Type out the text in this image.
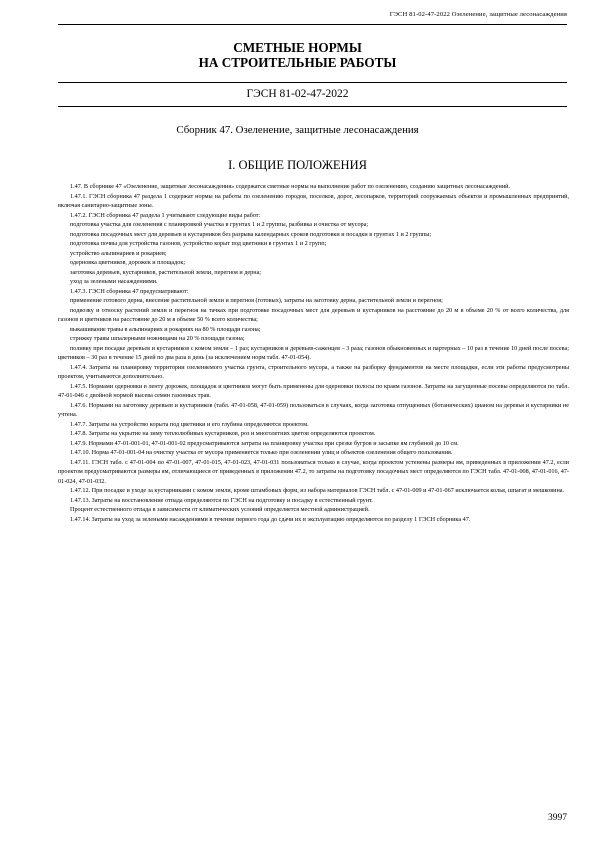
ГЭСН 81-02-47-2022 Озеленение, защитные лесонасаждения
СМЕТНЫЕ НОРМЫ
НА СТРОИТЕЛЬНЫЕ РАБОТЫ
ГЭСН 81-02-47-2022
Сборник 47. Озеленение, защитные лесонасаждения
I. ОБЩИЕ ПОЛОЖЕНИЯ

1.47. В сборнике 47 «Озеленение, защитные лесонасаждения» содержатся сметные нормы на выполнение работ по озеленению, созданию защитных лесонасаждений.

1.47.1. ГЭСН сборника 47 раздела 1 содержат нормы на работы по озеленению городов, поселков, дорог, лесопарков, территорий сооружаемых объектов и промышленных предприятий, включая санитарно-защитные зоны.

1.47.2. ГЭСН сборника 47 раздела 1 учитывают следующие виды работ:

подготовка участка для озеленения с планировкой участка в грунтах 1 и 2 группы, разбивка и очистка от мусора;

подготовка посадочных мест для деревьев и кустарников без разрыва календарных сроков подготовки и посадки в грунтах 1 и 2 группы;

подготовка почвы для устройства газонов, устройство корыт под цветники в грунтах 1 и 2 групп;

устройство альпинариев и рокариев;

одерновка цветников, дорожек и площадок;

заготовка деревьев, кустарников, растительной земли, перегноя и дерна;

уход за зелеными насаждениями.

1.47.3. ГЭСН сборника 47 предусматривают:

применение готового дерна, внесение растительной земли и перегноя (готовых), затраты на заготовку дерна, растительной земли и перегноя;

подвозку и относку растений земли и перегноя на тачках при подготовке посадочных мест для деревьев и кустарников на расстояние до 20 м в объеме 20 % от всего количества, для газонов и цветников на расстояние до 20 м в объеме 50 % всего количества;

выкашивание травы в альпинариях и рокариях на 80 % площади газона;

стрижку травы шпалерными ножницами на 20 % площади газона;

поливку при посадке деревьев и кустарников с комом земли – 1 раз; кустарников и деревьев-саженцев – 3 раза; газонов обыкновенных и партерных – 10 раз в течение 10 дней после посева; цветников – 30 раз в течение 15 дней по два раза в день (за исключением норм табл. 47-01-054).

1.47.4. Затраты на планировку территории озеленяемого участка грунта, строительного мусора, а также на разборку фундаментов на месте площадки, если эти работы предусмотрены проектом, учитываются дополнительно.

1.47.5. Нормами одерновки в ленту дорожек, площадок и цветников могут быть применены для одерновки полосы по краям газонов. Затраты на загущенные посевы определяются по табл. 47-01-046 с двойной нормой высева семян газонных трав.

1.47.6. Нормами на заготовку деревьев и кустарников (табл. 47-01-058, 47-01-059) пользоваться в случаях, когда заготовка отпущенных (ботанических) цианом на деревья и кустарники не учтена.

1.47.7. Затраты на устройство корыта под цветники и его глубина определяются проектом.

1.47.8. Затраты на укрытие на зиму теплолюбивых кустарников, роз и многолетних цветов определяются проектом.

1.47.9. Нормами 47-01-001-01, 47-01-001-02 предусматриваются затраты на планировку участка при срезке бугров и засыпке ям глубиной до 10 см.

1.47.10. Норма 47-01-001-04 на очистку участка от мусора применяется только при озеленении улиц и объектов озеленения общего пользования.

1.47.11. ГЭСН табл. с 47-01-004 по 47-01-007, 47-01-015, 47-01-023, 47-01-031 пользоваться только в случае, когда проектом уcтенены размеры ям, приведенных в приложении 47.2, если проектом предусматриваются размеры ям, отличающиеся от приведенных в приложении 47.2, то затраты на подготовку посадочных мест определяются по ГЭСН табл. 47-01-008, 47-01-016, 47-01-024, 47-01-032.

1.47.12. При посадке и уходе за кустарниками с комом земли, кроме штамбовых форм, из набора материалов ГЭСН табл. с 47-01-009 и 47-01-067 исключается колья, шпагат и мешковина.

1.47.13. Затраты на восстановление отпада определяются по ГЭСН на подготовку и посадку в естественный грунт.

Процент естественного отпада в зависимости от климатических условий определяется местной администрацией.

1.47.14. Затраты на уход за зелеными насаждениями в течение первого года до сдачи их в эксплуатацию определяются по разделу 1 ГЭСН сборника 47.

3997
